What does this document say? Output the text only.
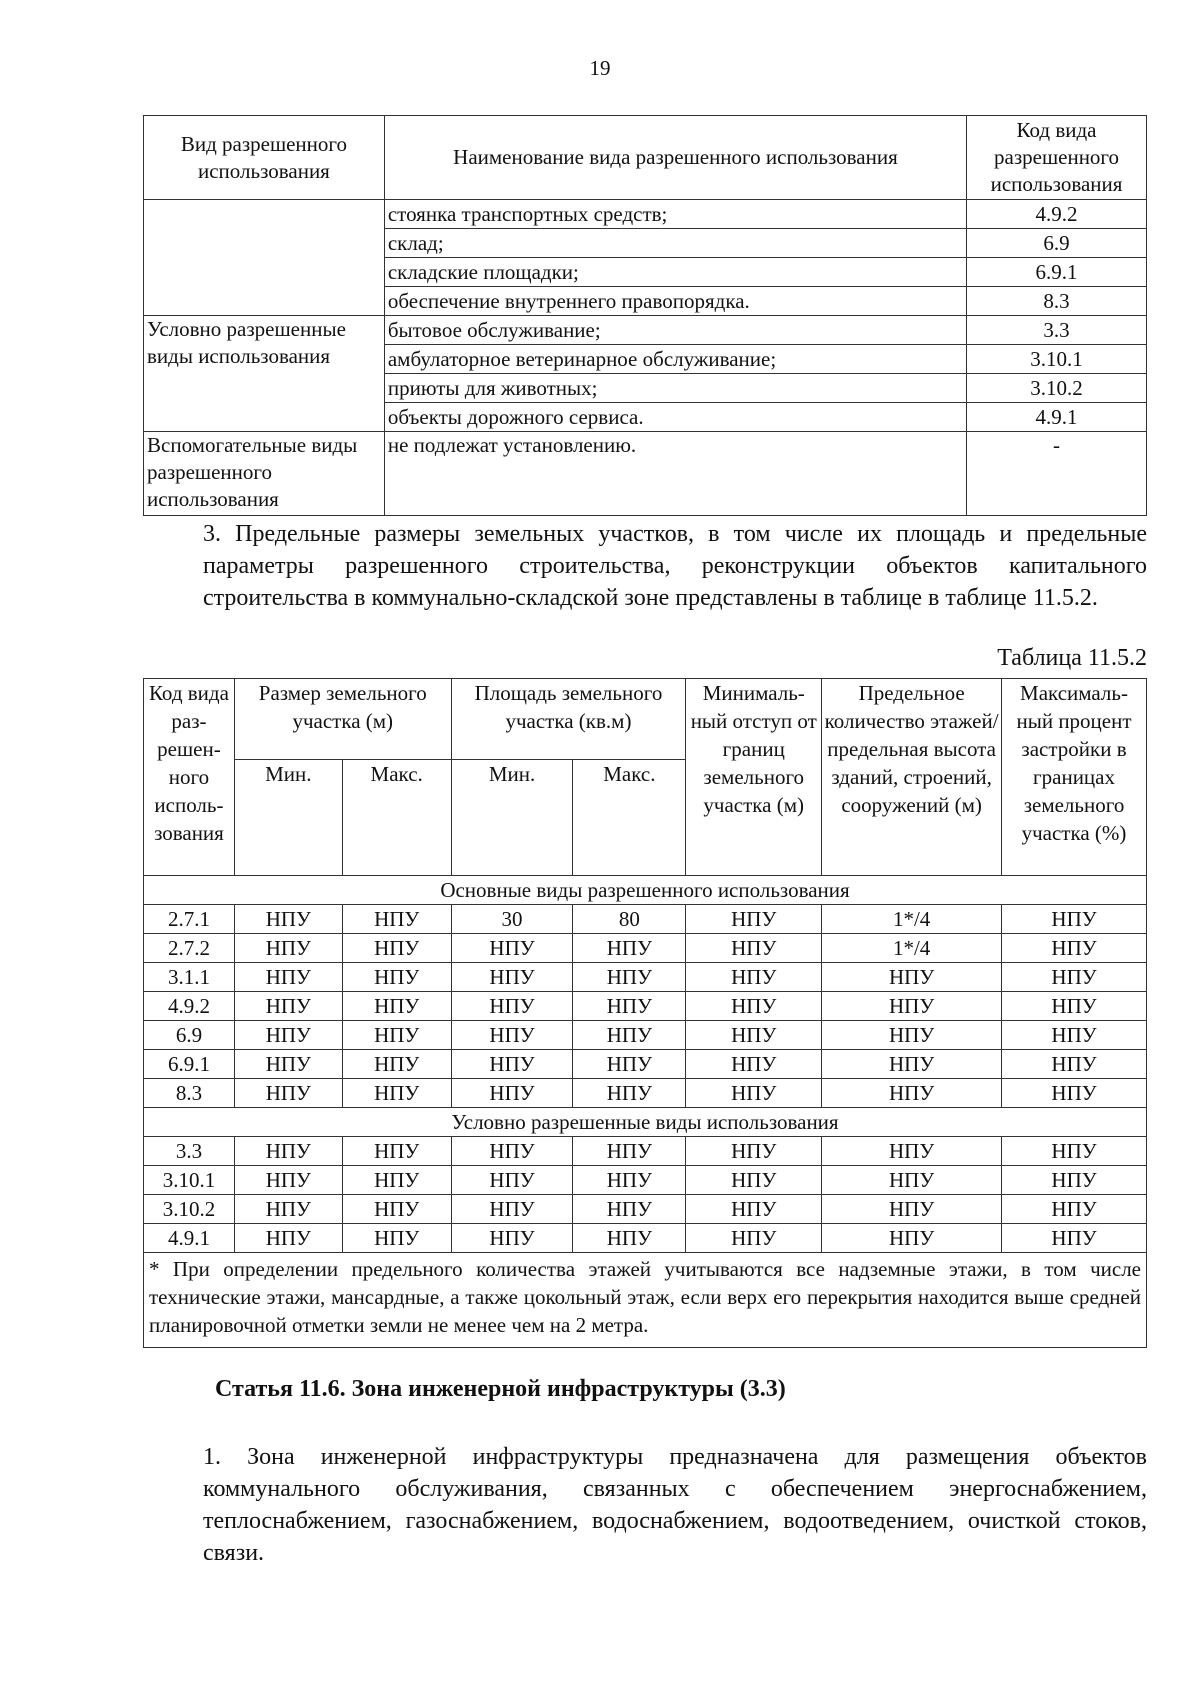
19
Вид разрешенного использования	Наименование вида разрешенного использования	Код вида разрешенного использования
	стоянка транспортных средств;	4.9.2
	склад;	6.9
	складские площадки;	6.9.1
	обеспечение внутреннего правопорядка.	8.3
Условно разрешенные виды использования	бытовое обслуживание;	3.3
	амбулаторное ветеринарное обслуживание;	3.10.1
	приюты для животных;	3.10.2
	объекты дорожного сервиса.	4.9.1
Вспомогательные виды разрешенного использования	не подлежат установлению.	-
3. Предельные размеры земельных участков, в том числе их площадь и предельные параметры разрешенного строительства, реконструкции объектов капитального строительства в коммунально-складской зоне представлены в таблице в таблице 11.5.2.
Таблица 11.5.2
Код вида раз-решен-ного исполь-зования	Размер земельного участка (м)		Площадь земельного участка (кв.м)		Минималь-ный отступ от границ земельного участка (м)	Предельное количество этажей/ предельная высота зданий, строений, сооружений (м)	Максималь-ный процент застройки в границах земельного участка (%)
	Мин.	Макс.	Мин.	Макс.			
Основные виды разрешенного использования							
2.7.1	НПУ	НПУ	30	80	НПУ	1*/4	НПУ
2.7.2	НПУ	НПУ	НПУ	НПУ	НПУ	1*/4	НПУ
3.1.1	НПУ	НПУ	НПУ	НПУ	НПУ	НПУ	НПУ
4.9.2	НПУ	НПУ	НПУ	НПУ	НПУ	НПУ	НПУ
6.9	НПУ	НПУ	НПУ	НПУ	НПУ	НПУ	НПУ
6.9.1	НПУ	НПУ	НПУ	НПУ	НПУ	НПУ	НПУ
8.3	НПУ	НПУ	НПУ	НПУ	НПУ	НПУ	НПУ
Условно разрешенные виды использования							
3.3	НПУ	НПУ	НПУ	НПУ	НПУ	НПУ	НПУ
3.10.1	НПУ	НПУ	НПУ	НПУ	НПУ	НПУ	НПУ
3.10.2	НПУ	НПУ	НПУ	НПУ	НПУ	НПУ	НПУ
4.9.1	НПУ	НПУ	НПУ	НПУ	НПУ	НПУ	НПУ
* При определении предельного количества этажей учитываются все надземные этажи, в том числе технические этажи, мансардные, а также цокольный этаж, если верх его перекрытия находится выше средней планировочной отметки земли не менее чем на 2 метра.							
Статья 11.6. Зона инженерной инфраструктуры (3.3)
1. Зона инженерной инфраструктуры предназначена для размещения объектов коммунального обслуживания, связанных с обеспечением энергоснабжением, теплоснабжением, газоснабжением, водоснабжением, водоотведением, очисткой стоков, связи.
